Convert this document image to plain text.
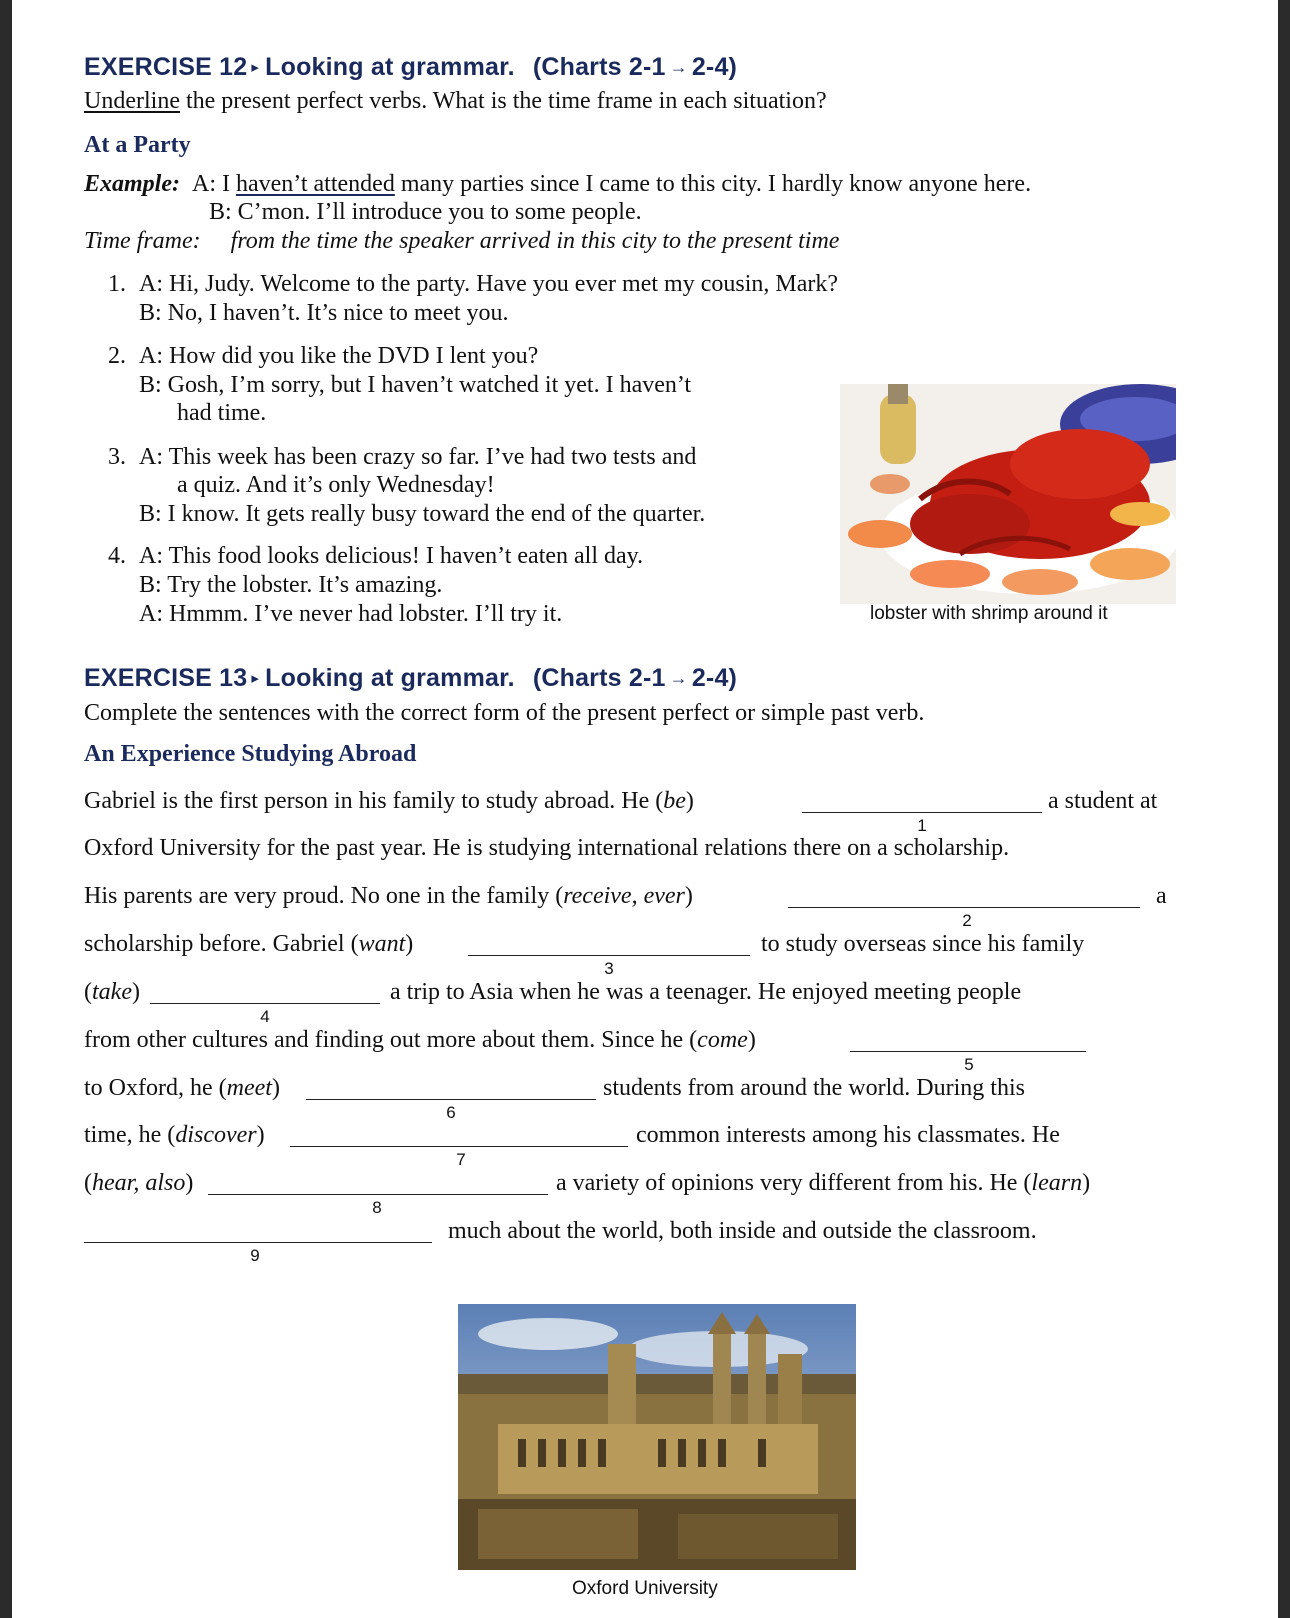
EXERCISE 12 ▸ Looking at grammar. (Charts 2-1 → 2-4)
Underline the present perfect verbs. What is the time frame in each situation?
At a Party
Example: A: I haven’t attended many parties since I came to this city. I hardly know anyone here.
B: C’mon. I’ll introduce you to some people.
Time frame: from the time the speaker arrived in this city to the present time
1. A: Hi, Judy. Welcome to the party. Have you ever met my cousin, Mark?
B: No, I haven’t. It’s nice to meet you.
2. A: How did you like the DVD I lent you?
B: Gosh, I’m sorry, but I haven’t watched it yet. I haven’t
had time.
3. A: This week has been crazy so far. I’ve had two tests and
a quiz. And it’s only Wednesday!
B: I know. It gets really busy toward the end of the quarter.
4. A: This food looks delicious! I haven’t eaten all day.
B: Try the lobster. It’s amazing.
A: Hmmm. I’ve never had lobster. I’ll try it.	lobster with shrimp around it
EXERCISE 13 ▸ Looking at grammar. (Charts 2-1 → 2-4)
Complete the sentences with the correct form of the present perfect or simple past verb.
An Experience Studying Abroad
Gabriel is the first person in his family to study abroad. He (be)
1
a student at
Oxford University for the past year. He is studying international relations there on a scholarship.
His parents are very proud. No one in the family (receive, ever)
2
a
scholarship before. Gabriel (want)
3
to study overseas since his family
(take)
4
a trip to Asia when he was a teenager. He enjoyed meeting people
from other cultures and finding out more about them. Since he (come)
5
to Oxford, he (meet)
6
students from around the world. During this
time, he (discover)
7
common interests among his classmates. He
(hear, also)
8
a variety of opinions very different from his. He (learn)
9
much about the world, both inside and outside the classroom.
Oxford University
